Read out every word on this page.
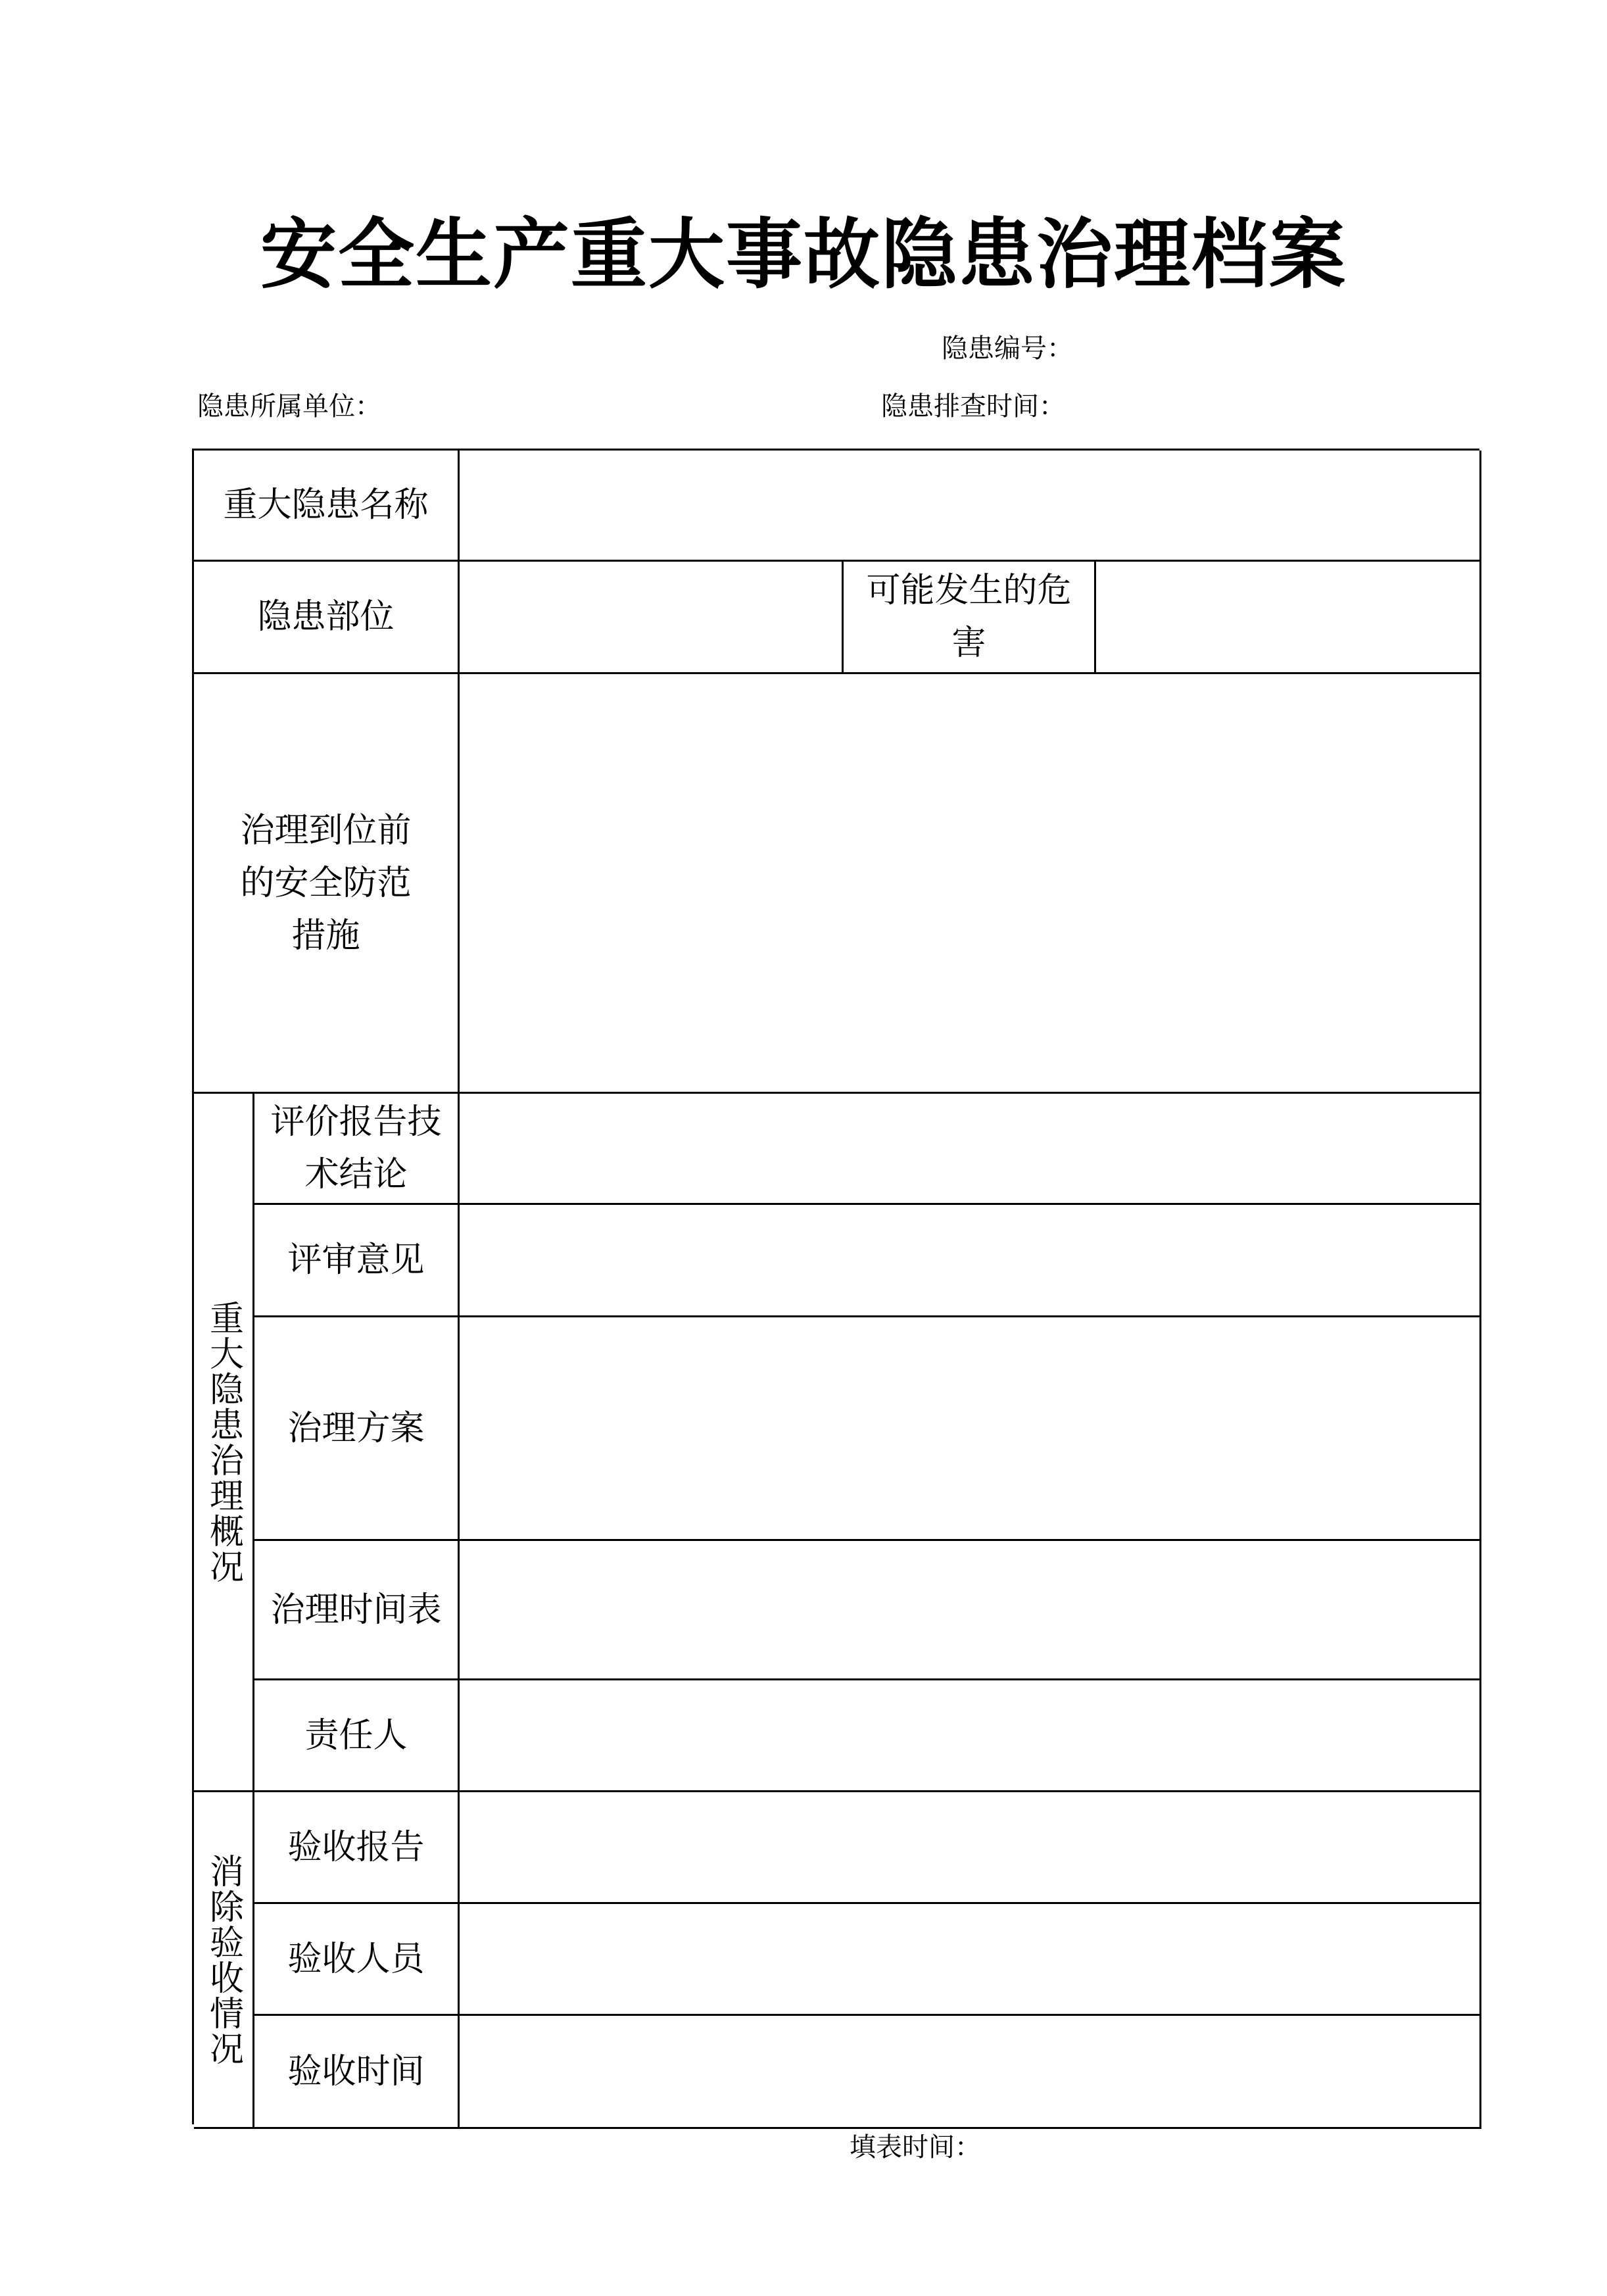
安全生产重大事故隐患治理档案
隐患编号：
隐患所属单位：	隐患排查时间：
重大隐患名称
隐患部位
可能发生的危害
治理到位前的安全防范措施
重大隐患治理概况
评价报告技术结论
评审意见
治理方案
治理时间表
责任人
消除验收情况
验收报告
验收人员
验收时间
填表时间：
